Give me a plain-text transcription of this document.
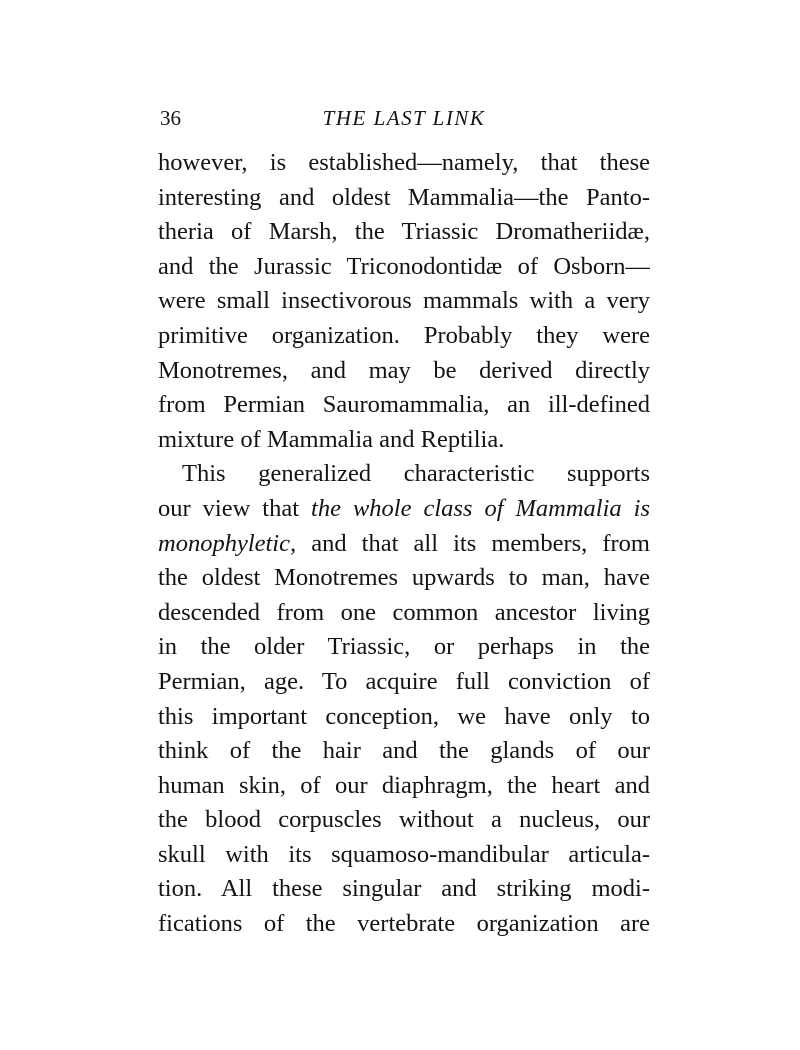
36	THE LAST LINK
however, is established—namely, that these
interesting and oldest Mammalia—the Panto-
theria of Marsh, the Triassic Dromatheriidæ,
and the Jurassic Triconodontidæ of Osborn—
were small insectivorous mammals with a very
primitive organization. Probably they were
Monotremes, and may be derived directly
from Permian Sauromammalia, an ill-defined
mixture of Mammalia and Reptilia.
This generalized characteristic supports
our view that the whole class of Mammalia is
monophyletic, and that all its members, from
the oldest Monotremes upwards to man, have
descended from one common ancestor living
in the older Triassic, or perhaps in the
Permian, age. To acquire full conviction of
this important conception, we have only to
think of the hair and the glands of our
human skin, of our diaphragm, the heart and
the blood corpuscles without a nucleus, our
skull with its squamoso-mandibular articula-
tion. All these singular and striking modi-
fications of the vertebrate organization are
